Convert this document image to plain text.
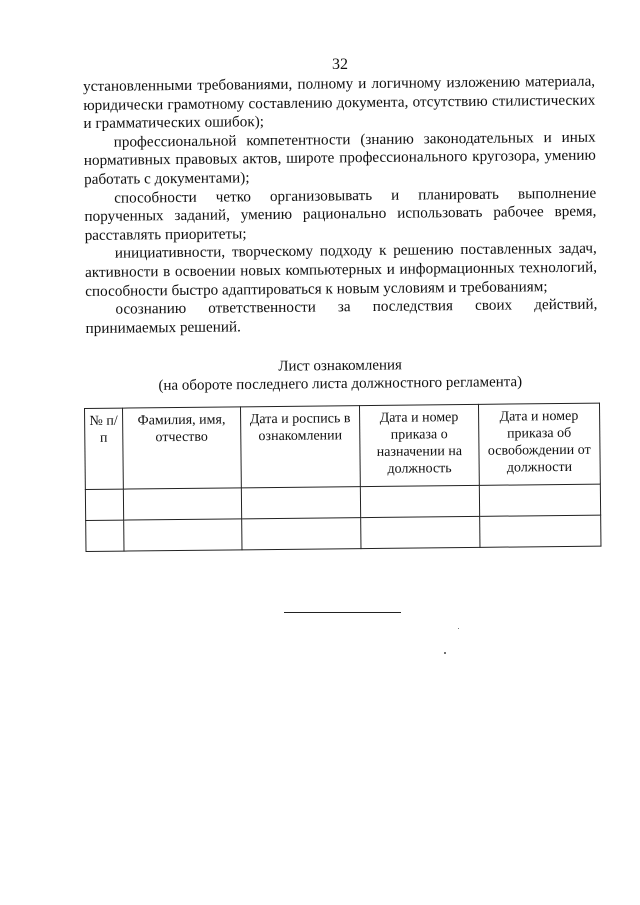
32

установленными требованиями, полному и логичному изложению материала, юридически грамотному составлению документа, отсутствию стилистических и грамматических ошибок);

профессиональной компетентности (знанию законодательных и иных нормативных правовых актов, широте профессионального кругозора, умению работать с документами);

способности четко организовывать и планировать выполнение порученных заданий, умению рационально использовать рабочее время, расставлять приоритеты;

инициативности, творческому подходу к решению поставленных задач, активности в освоении новых компьютерных и информационных технологий, способности быстро адаптироваться к новым условиям и требованиям;

осознанию ответственности за последствия своих действий, принимаемых решений.

Лист ознакомления
(на обороте последнего листа должностного регламента)
№ п/п	Фамилия, имя, отчество	Дата и роспись в ознакомлении	Дата и номер приказа о назначении на должность	Дата и номер приказа об освобождении от должности
